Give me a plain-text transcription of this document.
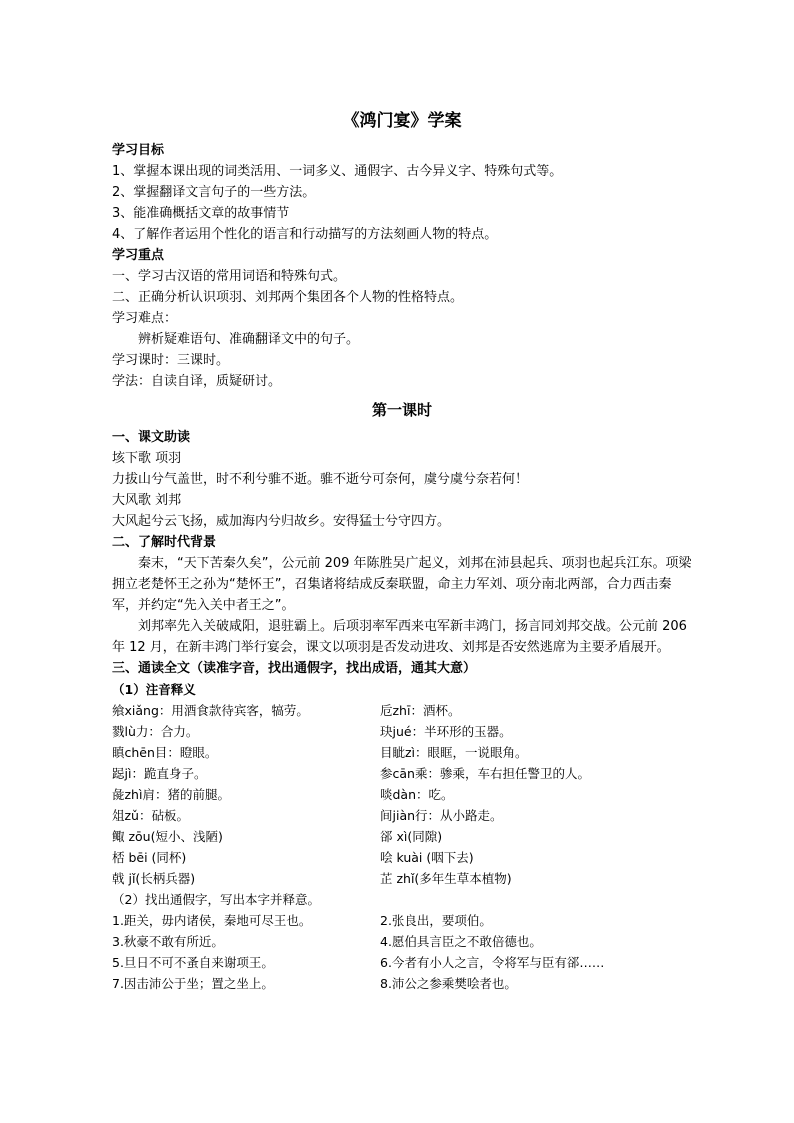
《鸿门宴》学案
学习目标
1、掌握本课出现的词类活用、一词多义、通假字、古今异义字、特殊句式等。
2、掌握翻译文言句子的一些方法。
3、能准确概括文章的故事情节
4、了解作者运用个性化的语言和行动描写的方法刻画人物的特点。
学习重点
一、学习古汉语的常用词语和特殊句式。
二、正确分析认识项羽、刘邦两个集团各个人物的性格特点。
学习难点：
辨析疑难语句、准确翻译文中的句子。
学习课时：三课时。
学法：自读自译，质疑研讨。
第一课时
一、课文助读
垓下歌 项羽
力拔山兮气盖世，时不利兮骓不逝。骓不逝兮可奈何，虞兮虞兮奈若何！
大风歌 刘邦
大风起兮云飞扬，威加海内兮归故乡。安得猛士兮守四方。
二、了解时代背景

秦末，“天下苦秦久矣”，公元前 209 年陈胜吴广起义，刘邦在沛县起兵、项羽也起兵江东。项梁拥立老楚怀王之孙为“楚怀王”，召集诸将结成反秦联盟，命主力军刘、项分南北两部，合力西击秦军，并约定“先入关中者王之”。

刘邦率先入关破咸阳，退驻霸上。后项羽率军西来屯军新丰鸿门，扬言同刘邦交战。公元前 206 年 12 月，在新丰鸿门举行宴会，课文以项羽是否发动进攻、刘邦是否安然逃席为主要矛盾展开。

三、通读全文（读准字音，找出通假字，找出成语，通其大意）
（1）注音释义
飨xiǎng：用酒食款待宾客，犒劳。	卮zhī：酒杯。
戮lù力：合力。	玦jué：半环形的玉器。
瞋chēn目：瞪眼。	目眦zì：眼眶，一说眼角。
跽jì：跪直身子。	参cān乘：骖乘，车右担任警卫的人。
彘zhì肩：猪的前腿。	啖dàn：吃。
俎zǔ：砧板。	间jiàn行：从小路走。
鲰 zōu(短小、浅陋)	郤 xì(同隙)
桮 bēi (同杯)	哙 kuài (咽下去)
戟 jǐ(长柄兵器)	芷 zhǐ(多年生草本植物)
（2）找出通假字，写出本字并释意。
1.距关，毋内诸侯，秦地可尽王也。	2.张良出，要项伯。
3.秋豪不敢有所近。	4.愿伯具言臣之不敢倍德也。
5.旦日不可不蚤自来谢项王。	6.今者有小人之言，令将军与臣有郤……
7.因击沛公于坐；置之坐上。	8.沛公之参乘樊哙者也。
